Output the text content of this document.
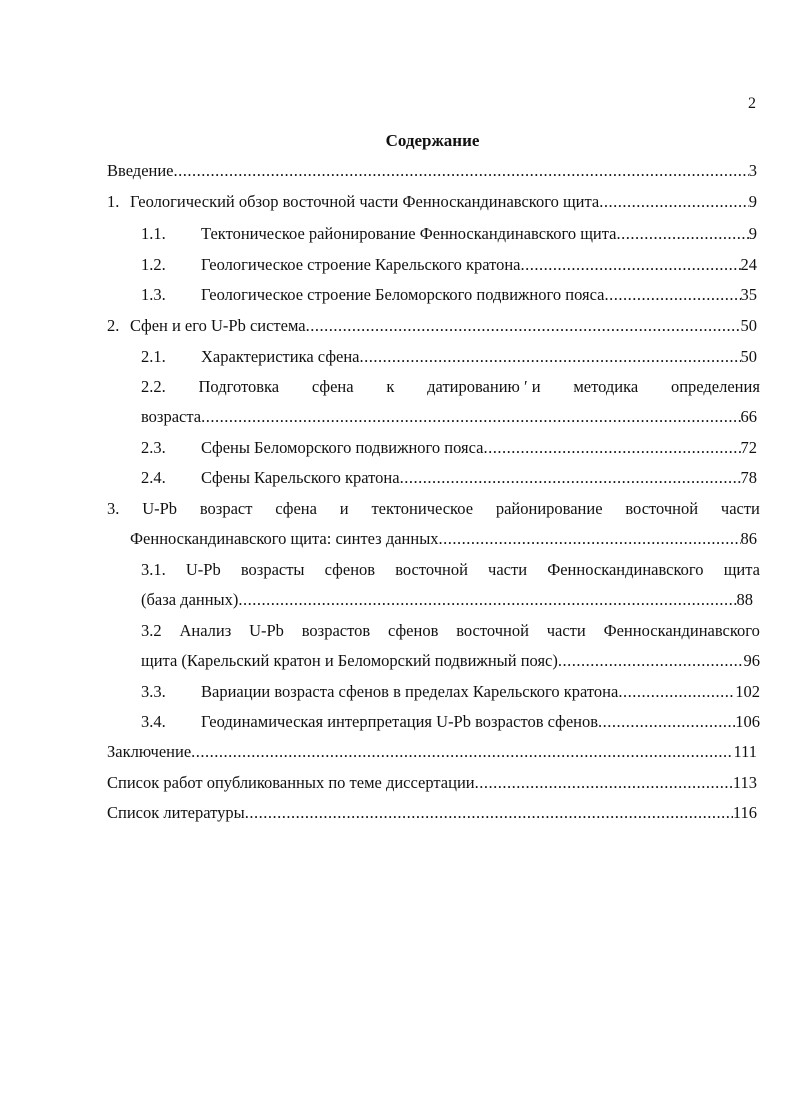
2
Содержание
Введение .....	3
1. Геологический обзор восточной части Фенноскандинавского щита .....	9
1.1.	Тектоническое районирование Фенноскандинавского щита .....	9
1.2.	Геологическое строение Карельского кратона .....	24
1.3.	Геологическое строение Беломорского подвижного пояса .....	35
2. Сфен и его U-Pb система .....	50
2.1.	Характеристика сфена .....	50
2.2. Подготовка сфена к датированию ′ и методика определения
возраста .....	66
2.3.	Сфены Беломорского подвижного пояса .....	72
2.4.	Сфены Карельского кратона .....	78
3. U-Pb возраст сфена и тектоническое районирование восточной части
Фенноскандинавского щита: синтез данных .....	86
3.1. U-Pb возрасты сфенов восточной части Фенноскандинавского щита
(база данных) .....	88
3.2 Анализ U-Pb возрастов сфенов восточной части Фенноскандинавского
щита (Карельский кратон и Беломорский подвижный пояс) .....	96
3.3.	Вариации возраста сфенов в пределах Карельского кратона .....	102
3.4.	Геодинамическая интерпретация U-Pb возрастов сфенов .....	106
Заключение .....	111
Список работ опубликованных по теме диссертации .....	113
Список литературы .....	116
